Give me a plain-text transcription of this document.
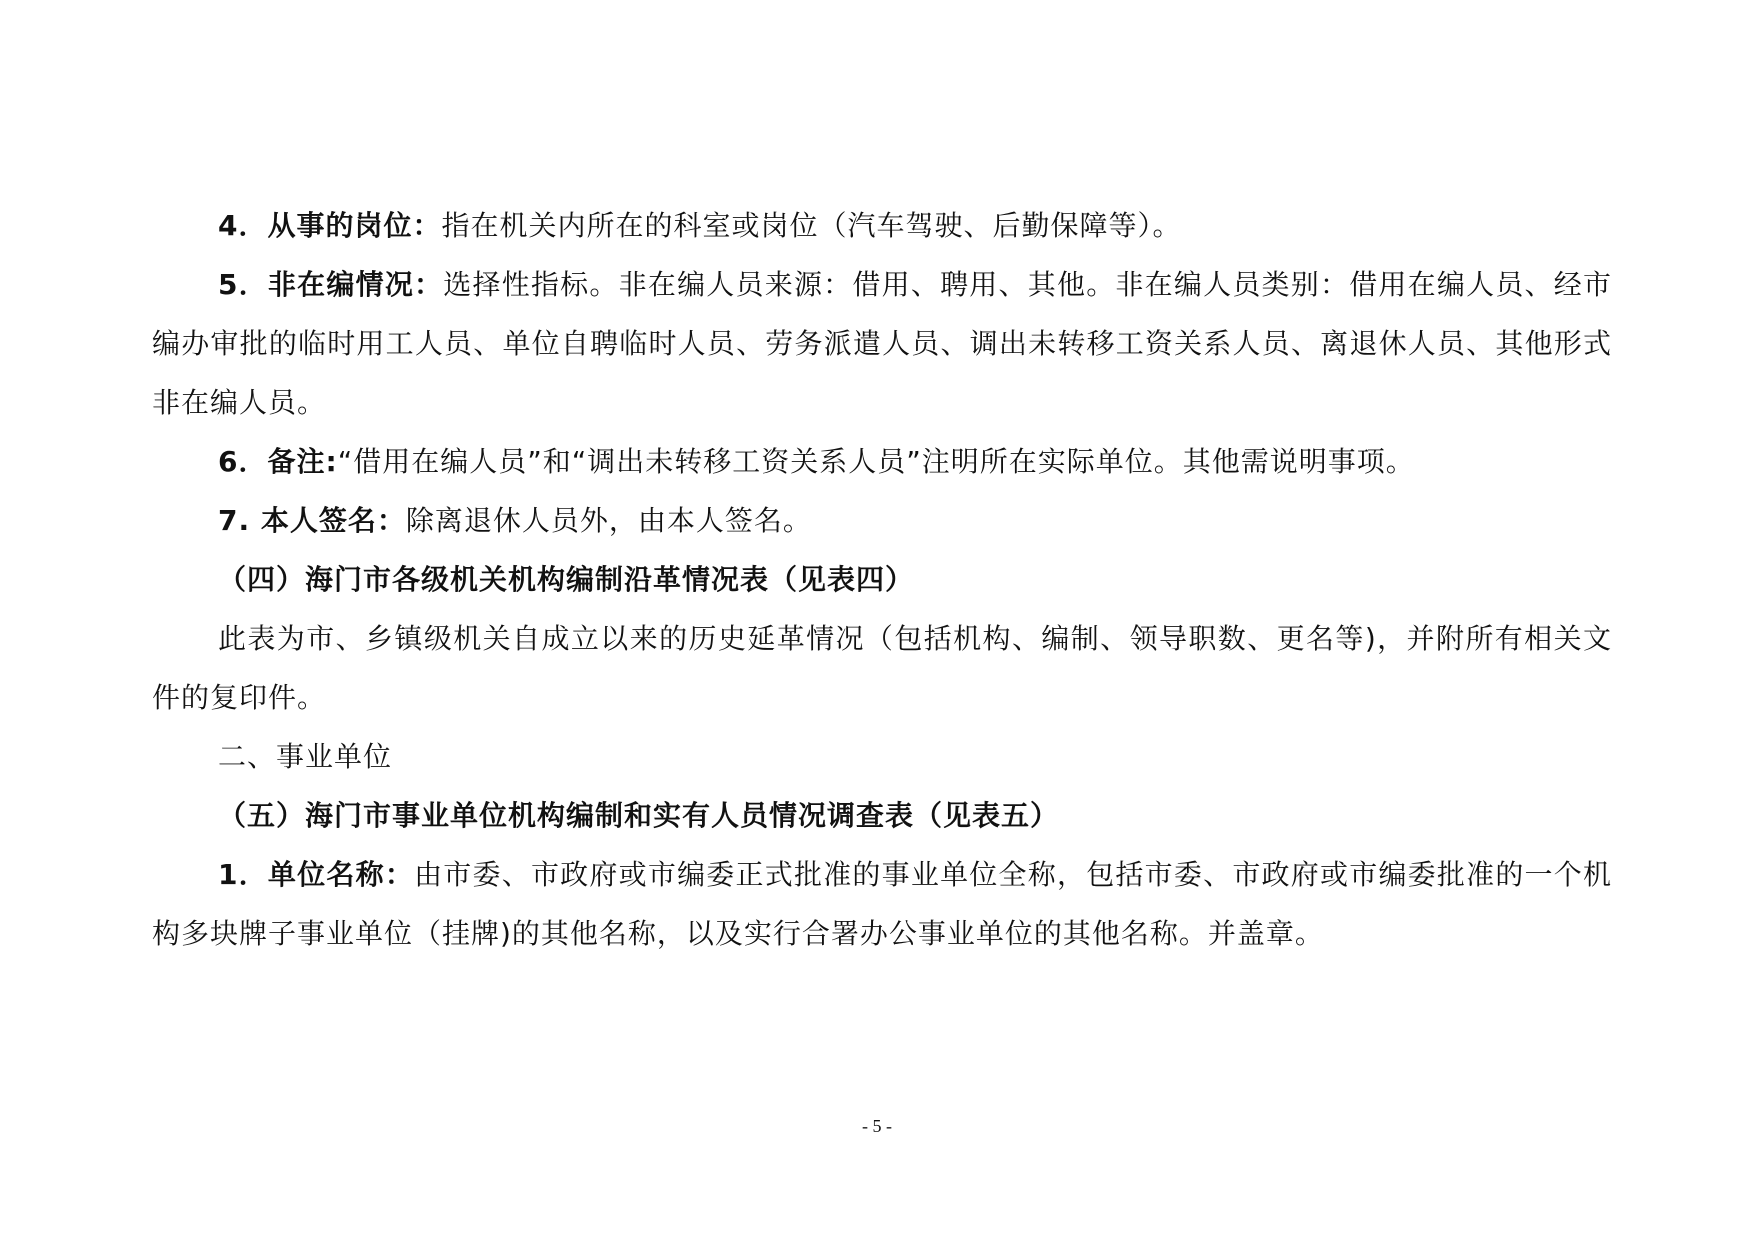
4．从事的岗位：指在机关内所在的科室或岗位（汽车驾驶、后勤保障等）。

5．非在编情况：选择性指标。非在编人员来源：借用、聘用、其他。非在编人员类别：借用在编人员、经市编办审批的临时用工人员、单位自聘临时人员、劳务派遣人员、调出未转移工资关系人员、离退休人员、其他形式非在编人员。

6．备注:“借用在编人员”和“调出未转移工资关系人员”注明所在实际单位。其他需说明事项。

7. 本人签名：除离退休人员外，由本人签名。

（四）海门市各级机关机构编制沿革情况表（见表四）

此表为市、乡镇级机关自成立以来的历史延革情况（包括机构、编制、领导职数、更名等)，并附所有相关文件的复印件。

二、事业单位

（五）海门市事业单位机构编制和实有人员情况调查表（见表五）

1．单位名称：由市委、市政府或市编委正式批准的事业单位全称，包括市委、市政府或市编委批准的一个机构多块牌子事业单位（挂牌)的其他名称，以及实行合署办公事业单位的其他名称。并盖章。

- 5 -
